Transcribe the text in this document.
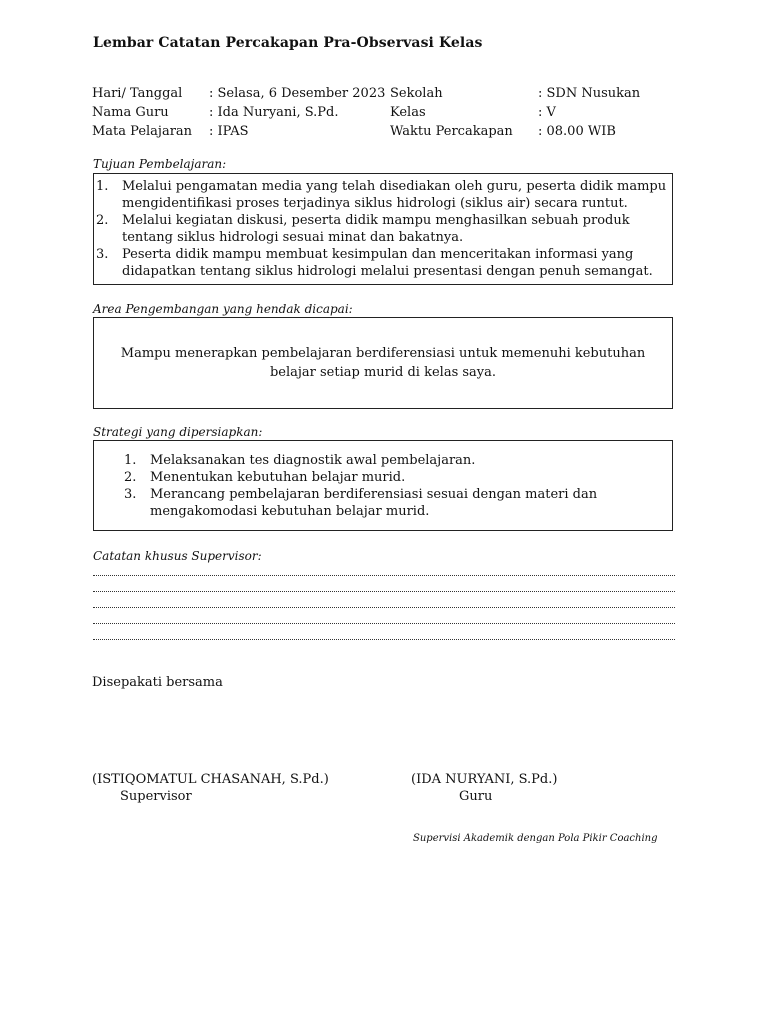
Lembar Catatan Percakapan Pra-Observasi Kelas
Hari/ Tanggal
Nama Guru
Mata Pelajaran
: Selasa, 6 Desember 2023
: Ida Nuryani, S.Pd.
: IPAS
Sekolah
Kelas
Waktu Percakapan
: SDN Nusukan
: V
: 08.00 WIB
Tujuan Pembelajaran:
1. Melalui pengamatan media yang telah disediakan oleh guru, peserta didik mampu mengidentifikasi proses terjadinya siklus hidrologi (siklus air) secara runtut.
2. Melalui kegiatan diskusi, peserta didik mampu menghasilkan sebuah produk tentang siklus hidrologi sesuai minat dan bakatnya.
3. Peserta didik mampu membuat kesimpulan dan menceritakan informasi yang didapatkan tentang siklus hidrologi melalui presentasi dengan penuh semangat.
Area Pengembangan yang hendak dicapai:
Mampu menerapkan pembelajaran berdiferensiasi untuk memenuhi kebutuhan belajar setiap murid di kelas saya.
Strategi yang dipersiapkan:
1. Melaksanakan tes diagnostik awal pembelajaran.
2. Menentukan kebutuhan belajar murid.
3. Merancang pembelajaran berdiferensiasi sesuai dengan materi dan mengakomodasi kebutuhan belajar murid.
Catatan khusus Supervisor:
Disepakati bersama
(ISTIQOMATUL CHASANAH, S.Pd.)
Supervisor
(IDA NURYANI, S.Pd.)
Guru
Supervisi Akademik dengan Pola Pikir Coaching
